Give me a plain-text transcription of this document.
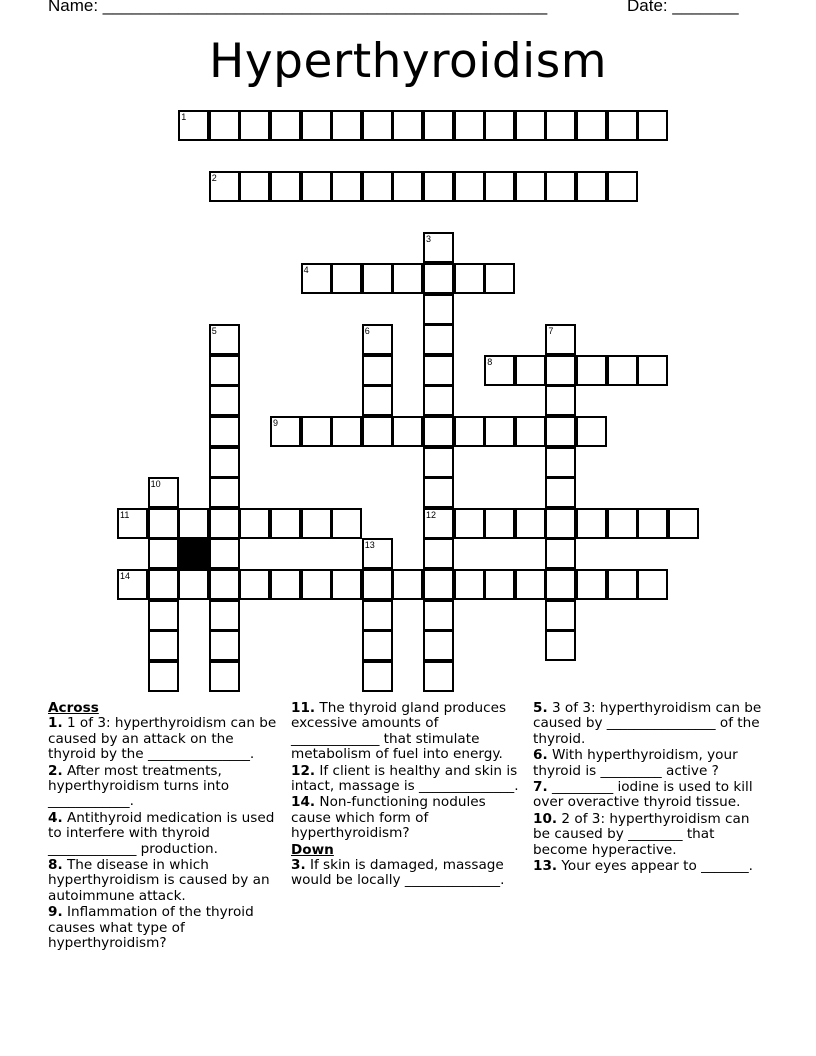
Name: _______________________________________________	Date: _______
Hyperthyroidism
1
2
3
12
4
5	6	7
8
9
10
11
13
14
Across
1. 1 of 3: hyperthyroidism can be caused by an attack on the thyroid by the _______________.
2. After most treatments, hyperthyroidism turns into ____________.
4. Antithyroid medication is used to interfere with thyroid _____________ production.
8. The disease in which hyperthyroidism is caused by an autoimmune attack.
9. Inflammation of the thyroid causes what type of hyperthyroidism?
11. The thyroid gland produces excessive amounts of _____________ that stimulate metabolism of fuel into energy.
12. If client is healthy and skin is intact, massage is ______________.
14. Non-functioning nodules cause which form of hyperthyroidism?
Down
3. If skin is damaged, massage would be locally ______________.
5. 3 of 3: hyperthyroidism can be caused by ________________ of the thyroid.
6. With hyperthyroidism, your thyroid is _________ active ?
7. _________ iodine is used to kill over overactive thyroid tissue.
10. 2 of 3: hyperthyroidism can be caused by ________ that become hyperactive.
13. Your eyes appear to _______.
